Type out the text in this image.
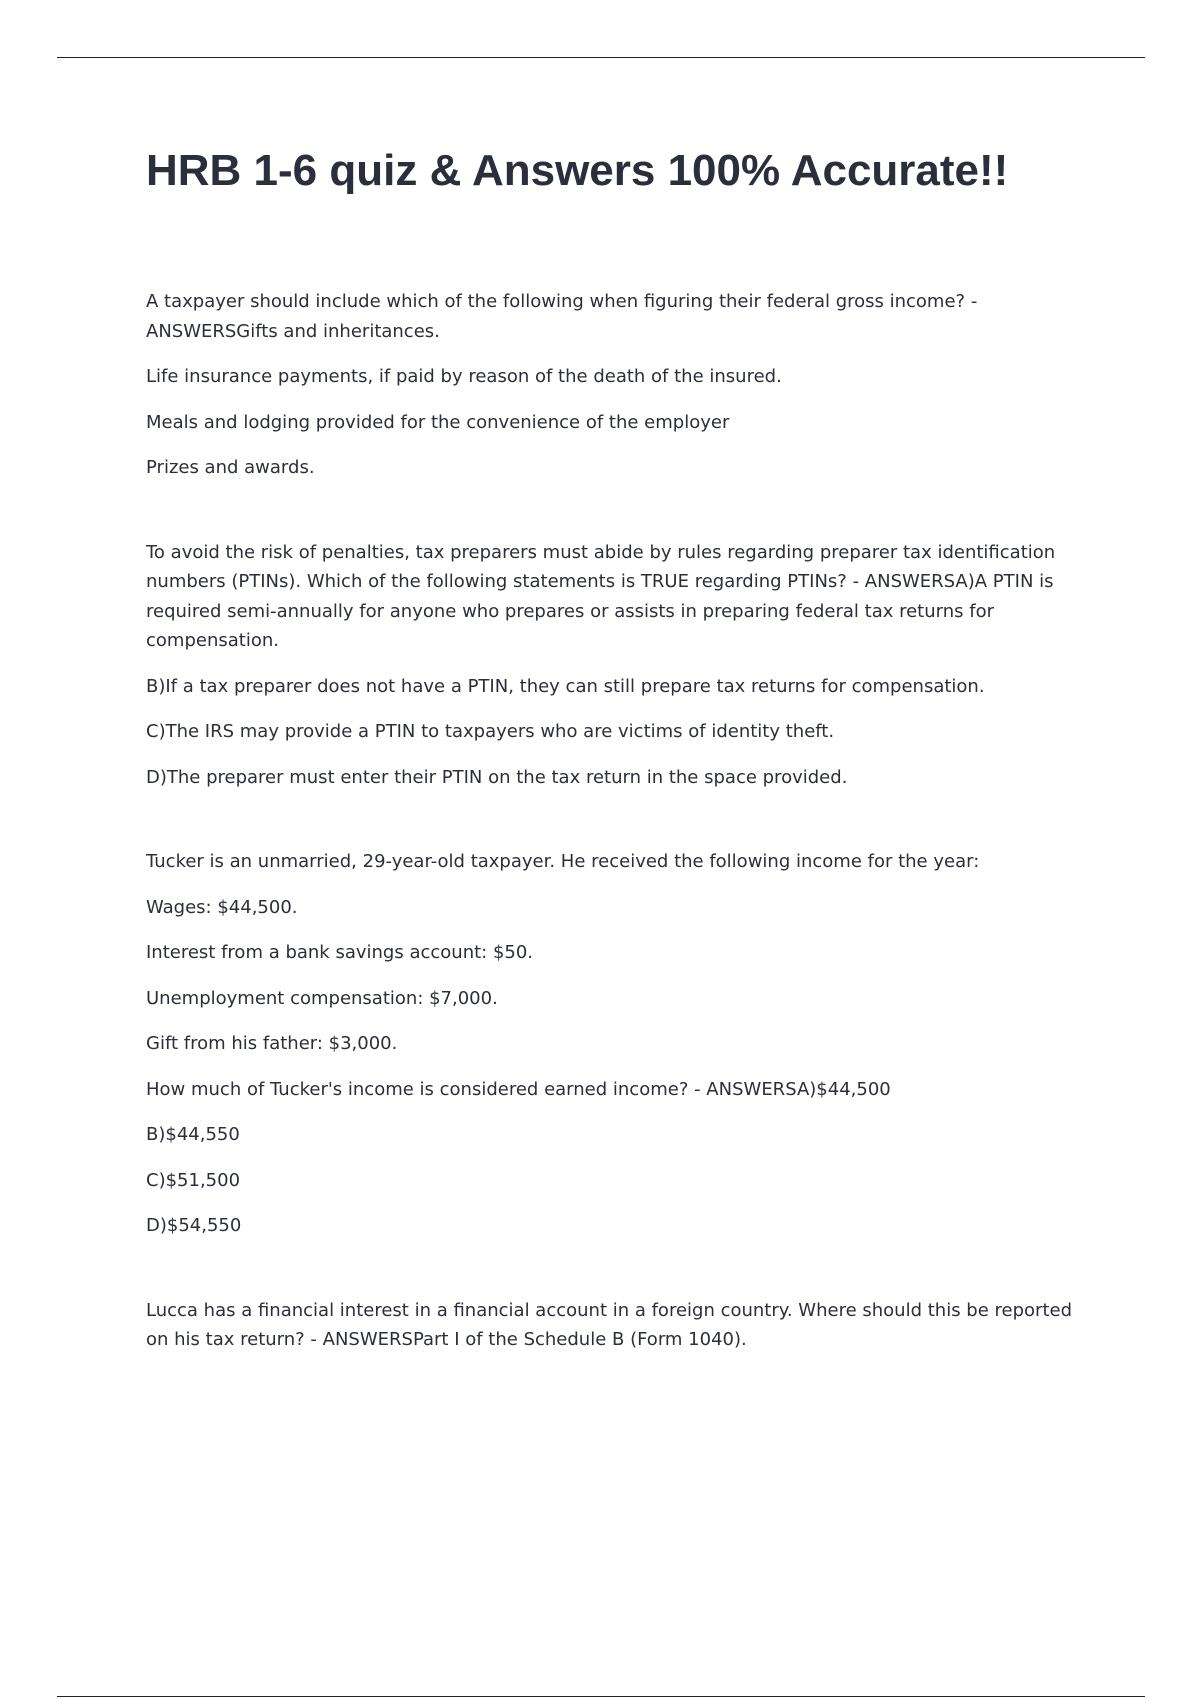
HRB 1-6 quiz & Answers 100% Accurate!!

A taxpayer should include which of the following when figuring their federal gross income? - ANSWERSGifts and inheritances.

Life insurance payments, if paid by reason of the death of the insured.

Meals and lodging provided for the convenience of the employer

Prizes and awards.

To avoid the risk of penalties, tax preparers must abide by rules regarding preparer tax identification numbers (PTINs). Which of the following statements is TRUE regarding PTINs? - ANSWERSA)A PTIN is required semi-annually for anyone who prepares or assists in preparing federal tax returns for compensation.

B)If a tax preparer does not have a PTIN, they can still prepare tax returns for compensation.

C)The IRS may provide a PTIN to taxpayers who are victims of identity theft.

D)The preparer must enter their PTIN on the tax return in the space provided.

Tucker is an unmarried, 29-year-old taxpayer. He received the following income for the year:

Wages: $44,500.

Interest from a bank savings account: $50.

Unemployment compensation: $7,000.

Gift from his father: $3,000.

How much of Tucker's income is considered earned income? - ANSWERSA)$44,500

B)$44,550

C)$51,500

D)$54,550

Lucca has a financial interest in a financial account in a foreign country. Where should this be reported on his tax return? - ANSWERSPart I of the Schedule B (Form 1040).
